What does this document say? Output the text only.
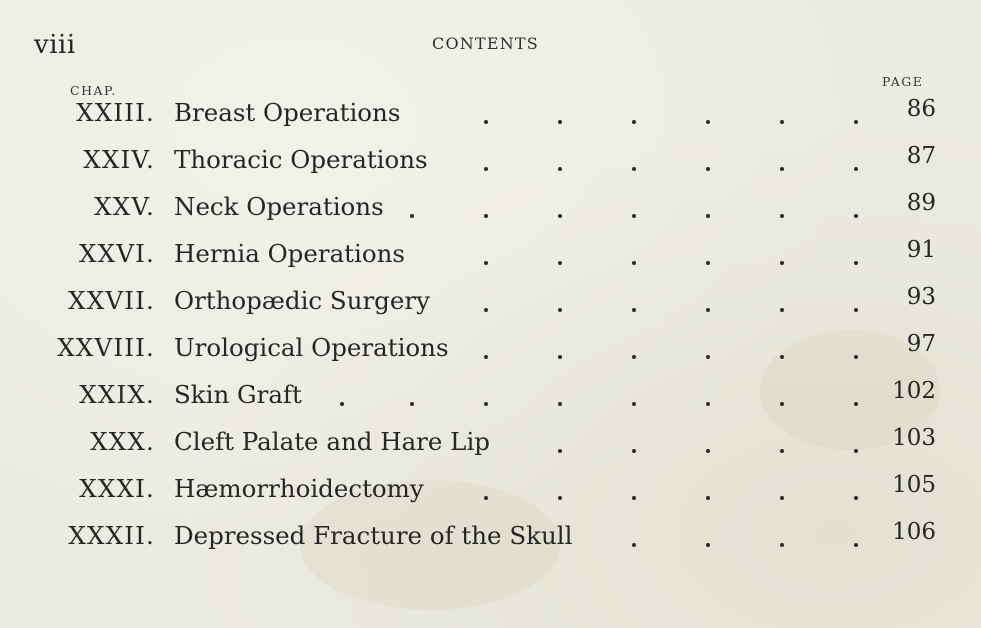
viii	CONTENTS
CHAP.
PAGE
XXIII. Breast Operations	86
XXIV. Thoracic Operations	87
XXV. Neck Operations	89
XXVI. Hernia Operations	91
XXVII. Orthopædic Surgery	93
XXVIII. Urological Operations	97
XXIX. Skin Graft	102
XXX. Cleft Palate and Hare Lip	103
XXXI. Hæmorrhoidectomy	105
XXXII. Depressed Fracture of the Skull	106
